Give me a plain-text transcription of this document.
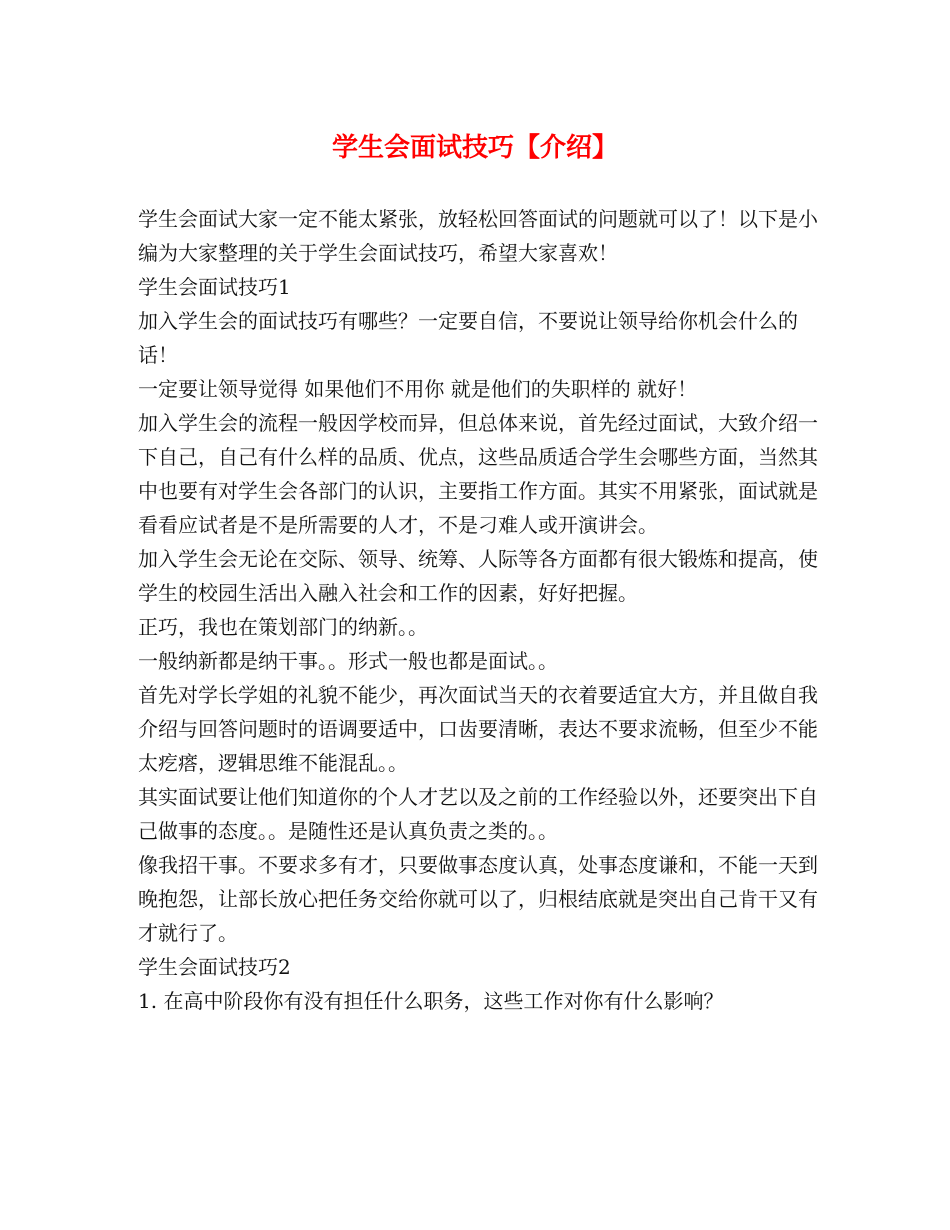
学生会面试技巧【介绍】

学生会面试大家一定不能太紧张，放轻松回答面试的问题就可以了！以下是小编为大家整理的关于学生会面试技巧，希望大家喜欢！

学生会面试技巧1

加入学生会的面试技巧有哪些？一定要自信，不要说让领导给你机会什么的话！

一定要让领导觉得 如果他们不用你 就是他们的失职样的 就好！

加入学生会的流程一般因学校而异，但总体来说，首先经过面试，大致介绍一下自己，自己有什么样的品质、优点，这些品质适合学生会哪些方面，当然其中也要有对学生会各部门的认识，主要指工作方面。其实不用紧张，面试就是看看应试者是不是所需要的人才，不是刁难人或开演讲会。

加入学生会无论在交际、领导、统筹、人际等各方面都有很大锻炼和提高，使学生的校园生活出入融入社会和工作的因素，好好把握。

正巧，我也在策划部门的纳新。。

一般纳新都是纳干事。。形式一般也都是面试。。

首先对学长学姐的礼貌不能少，再次面试当天的衣着要适宜大方，并且做自我介绍与回答问题时的语调要适中，口齿要清晰，表达不要求流畅，但至少不能太疙瘩，逻辑思维不能混乱。。

其实面试要让他们知道你的个人才艺以及之前的工作经验以外，还要突出下自己做事的态度。。是随性还是认真负责之类的。。

像我招干事。不要求多有才，只要做事态度认真，处事态度谦和，不能一天到晚抱怨，让部长放心把任务交给你就可以了，归根结底就是突出自己肯干又有才就行了。

学生会面试技巧2

1. 在高中阶段你有没有担任什么职务，这些工作对你有什么影响？
